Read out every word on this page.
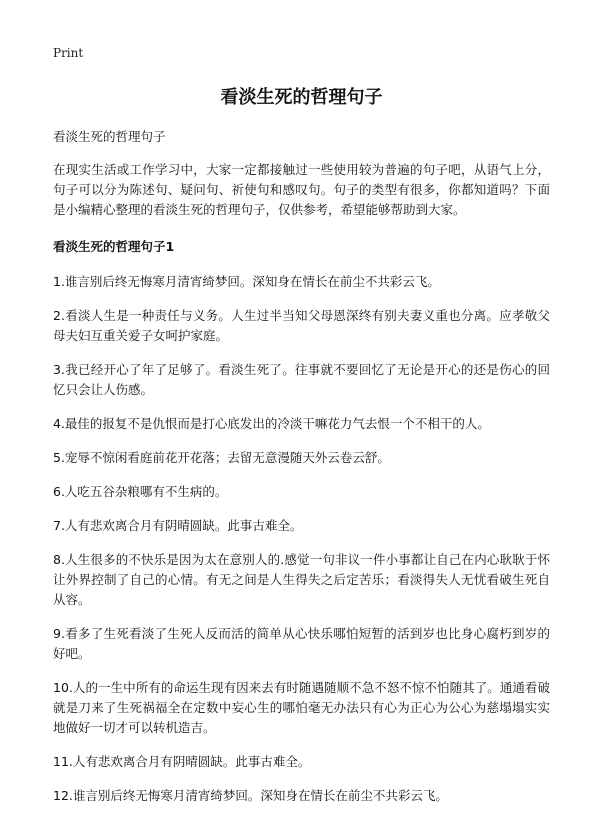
Print
看淡生死的哲理句子

看淡生死的哲理句子

在现实生活或工作学习中，大家一定都接触过一些使用较为普遍的句子吧，从语气上分，句子可以分为陈述句、疑问句、祈使句和感叹句。句子的类型有很多，你都知道吗？下面是小编精心整理的看淡生死的哲理句子，仅供参考，希望能够帮助到大家。

看淡生死的哲理句子1
1.谁言别后终无悔寒月清宵绮梦回。深知身在情长在前尘不共彩云飞。
2.看淡人生是一种责任与义务。人生过半当知父母恩深终有别夫妻义重也分离。应孝敬父母夫妇互重关爱子女呵护家庭。
3.我已经开心了年了足够了。看淡生死了。往事就不要回忆了无论是开心的还是伤心的回忆只会让人伤感。
4.最佳的报复不是仇恨而是打心底发出的冷淡干嘛花力气去恨一个不相干的人。
5.宠辱不惊闲看庭前花开花落；去留无意漫随天外云卷云舒。
6.人吃五谷杂粮哪有不生病的。
7.人有悲欢离合月有阴晴圆缺。此事古难全。
8.人生很多的不快乐是因为太在意别人的.感觉一句非议一件小事都让自己在内心耿耿于怀让外界控制了自己的心情。有无之间是人生得失之后定苦乐；看淡得失人无忧看破生死自从容。
9.看多了生死看淡了生死人反而活的简单从心快乐哪怕短暂的活到岁也比身心腐朽到岁的好吧。
10.人的一生中所有的命运生现有因来去有时随遇随顺不急不怒不惊不怕随其了。通通看破就是刀来了生死祸福全在定数中妄心生的哪怕毫无办法只有心为正心为公心为慈塌塌实实地做好一切才可以转机造吉。
11.人有悲欢离合月有阴晴圆缺。此事古难全。
12.谁言别后终无悔寒月清宵绮梦回。深知身在情长在前尘不共彩云飞。
